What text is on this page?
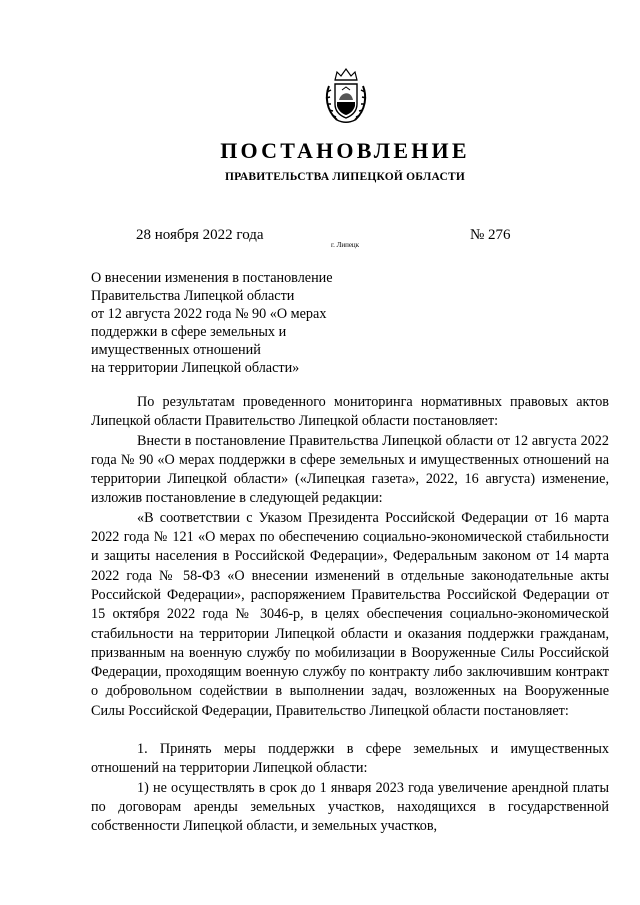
ПОСТАНОВЛЕНИЕ
ПРАВИТЕЛЬСТВА ЛИПЕЦКОЙ ОБЛАСТИ
28 ноября 2022 года
г. Липецк
№ 276
О внесении изменения в постановление
Правительства Липецкой области
от 12 августа 2022 года № 90 «О мерах
поддержки в сфере земельных и
имущественных отношений
на территории Липецкой области»

По результатам проведенного мониторинга нормативных правовых актов Липецкой области Правительство Липецкой области постановляет:

Внести в постановление Правительства Липецкой области от 12 августа 2022 года № 90 «О мерах поддержки в сфере земельных и имущественных отношений на территории Липецкой области» («Липецкая газета», 2022, 16 августа) изменение, изложив постановление в следующей редакции:

«В соответствии с Указом Президента Российской Федерации от 16 марта 2022 года № 121 «О мерах по обеспечению социально-экономической стабильности и защиты населения в Российской Федерации», Федеральным законом от 14 марта 2022 года № 58-ФЗ «О внесении изменений в отдельные законодательные акты Российской Федерации», распоряжением Правительства Российской Федерации от 15 октября 2022 года № 3046-р, в целях обеспечения социально-экономической стабильности на территории Липецкой области и оказания поддержки гражданам, призванным на военную службу по мобилизации в Вооруженные Силы Российской Федерации, проходящим военную службу по контракту либо заключившим контракт о добровольном содействии в выполнении задач, возложенных на Вооруженные Силы Российской Федерации, Правительство Липецкой области постановляет:

1. Принять меры поддержки в сфере земельных и имущественных отношений на территории Липецкой области:

1) не осуществлять в срок до 1 января 2023 года увеличение арендной платы по договорам аренды земельных участков, находящихся в государственной собственности Липецкой области, и земельных участков,
